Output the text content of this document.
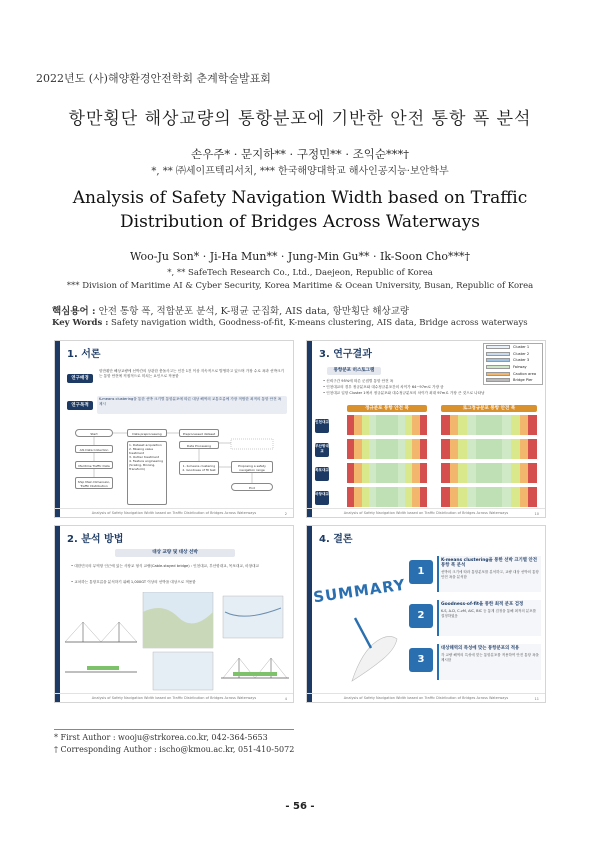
2022년도 (사)해양환경안전학회 춘계학술발표회
항만횡단 해상교량의 통항분포에 기반한 안전 통항 폭 분석
손우주* · 문지하** · 구정민** · 조익순***†
*, ** ㈜세이프텍리서치, *** 한국해양대학교 해사인공지능·보안학부
Analysis of Safety Navigation Width based on Traffic Distribution of Bridges Across Waterways
Woo-Ju Son* · Ji-Ha Mun** · Jung-Min Gu** · Ik-Soon Cho***†
*, ** SafeTech Research Co., Ltd., Daejeon, Republic of Korea
*** Division of Maritime AI & Cyber Security, Korea Maritime & Ocean University, Busan, Republic of Korea
핵심용어 : 안전 통항 폭, 적합분포 분석, K-평균 군집화, AIS data, 항만횡단 해상교량
Key Words : Safety navigation width, Goodness-of-fit, K-means clustering, AIS data, Bridge across waterways
1. 서론
연구배경
항만횡단 해상교량에 선박간의 상관한 충돌사고는 인간 1건 이상 지속적으로 발생하고 있으며 가장 수로 폭과 선박크기는 통항 안전에 직접적으로 미치는 요인으로 작용함
연구목적
K-means clustering을 통한 선박 크기별 통항분포에 따른 대상 해역의 교통흐름에 가장 적합한 최적의 통항 안전 폭 제시
Start	Data preprocessing	Preprocessed dataset
AIS Data Collection
1. Dataset acquisition
2. Missing value treatment
3. Outlier treatment
4. Feature engineering (Scaling, Binning, Transform)
Data Processing
Maritime Traffic Data	1. K-means clustering
2. Goodness of fit test
Proposing a safety navigation range
Ship Main Dimension, Traffic Distribution	End
Analysis of Safety Navigation Width based on Traffic Distribution of Bridges Across Waterways	2
3. 연구결과
통항분포 히스토그램
Cluster 1
Cluster 2
Cluster 3
Fairway
Caution area
Bridge Pier
• 신뢰구간 95%에 따른 군집별 통항 안전 폭
• 인천대교의 경우 정규분포와 대수정규분포간의 차이가 64~97m로 가장 큼
• 인천대교 입항 Cluster 1에서 정규분포와 대수정규분포의 차이가 최대 97m로 가장 큰 것으로 나타남
정규분포 통항 안전 폭	로그정규분포 통항 안전 폭
인천대교
부산항대교
목포대교
마창대교
Analysis of Safety Navigation Width based on Traffic Distribution of Bridges Across Waterways	10
2. 분석 방법
대상 교량 및 대상 선박
• 대한민국의 무역항 인근에 있는 사장교 형식 교량(Cable-stayed bridge) : 인천대교, 부산항대교, 목포대교, 마창대교
• 교차하는 통항흐름을 분석하기 위해 1,000GT 이상의 선박을 대상으로 적용함
Analysis of Safety Navigation Width based on Traffic Distribution of Bridges Across Waterways	4
4. 결론
SUMMARY
1
K-means clustering을 통한 선박 크기별 안전 통항 폭 분석
선박의 크기에 따라 통항분포를 분석하고, 교량 대상 선박의 통항 안전 폭을 분석함
2
Goodness-of-fit을 통한 최적 분포 검정
K-S, A-D, C-vM, AIC, BIC 등 통계 검정을 통해 최적의 분포를 결정하였음
3
대상해역의 특성에 맞는 통항분포의 적용
각 교량 해역의 특성에 맞는 통항분포를 적용하여 안전 통항 폭을 제시함
Analysis of Safety Navigation Width based on Traffic Distribution of Bridges Across Waterways	11
* First Author : wooju@strkorea.co.kr, 042-364-5653
† Corresponding Author : ischo@kmou.ac.kr, 051-410-5072
- 56 -
